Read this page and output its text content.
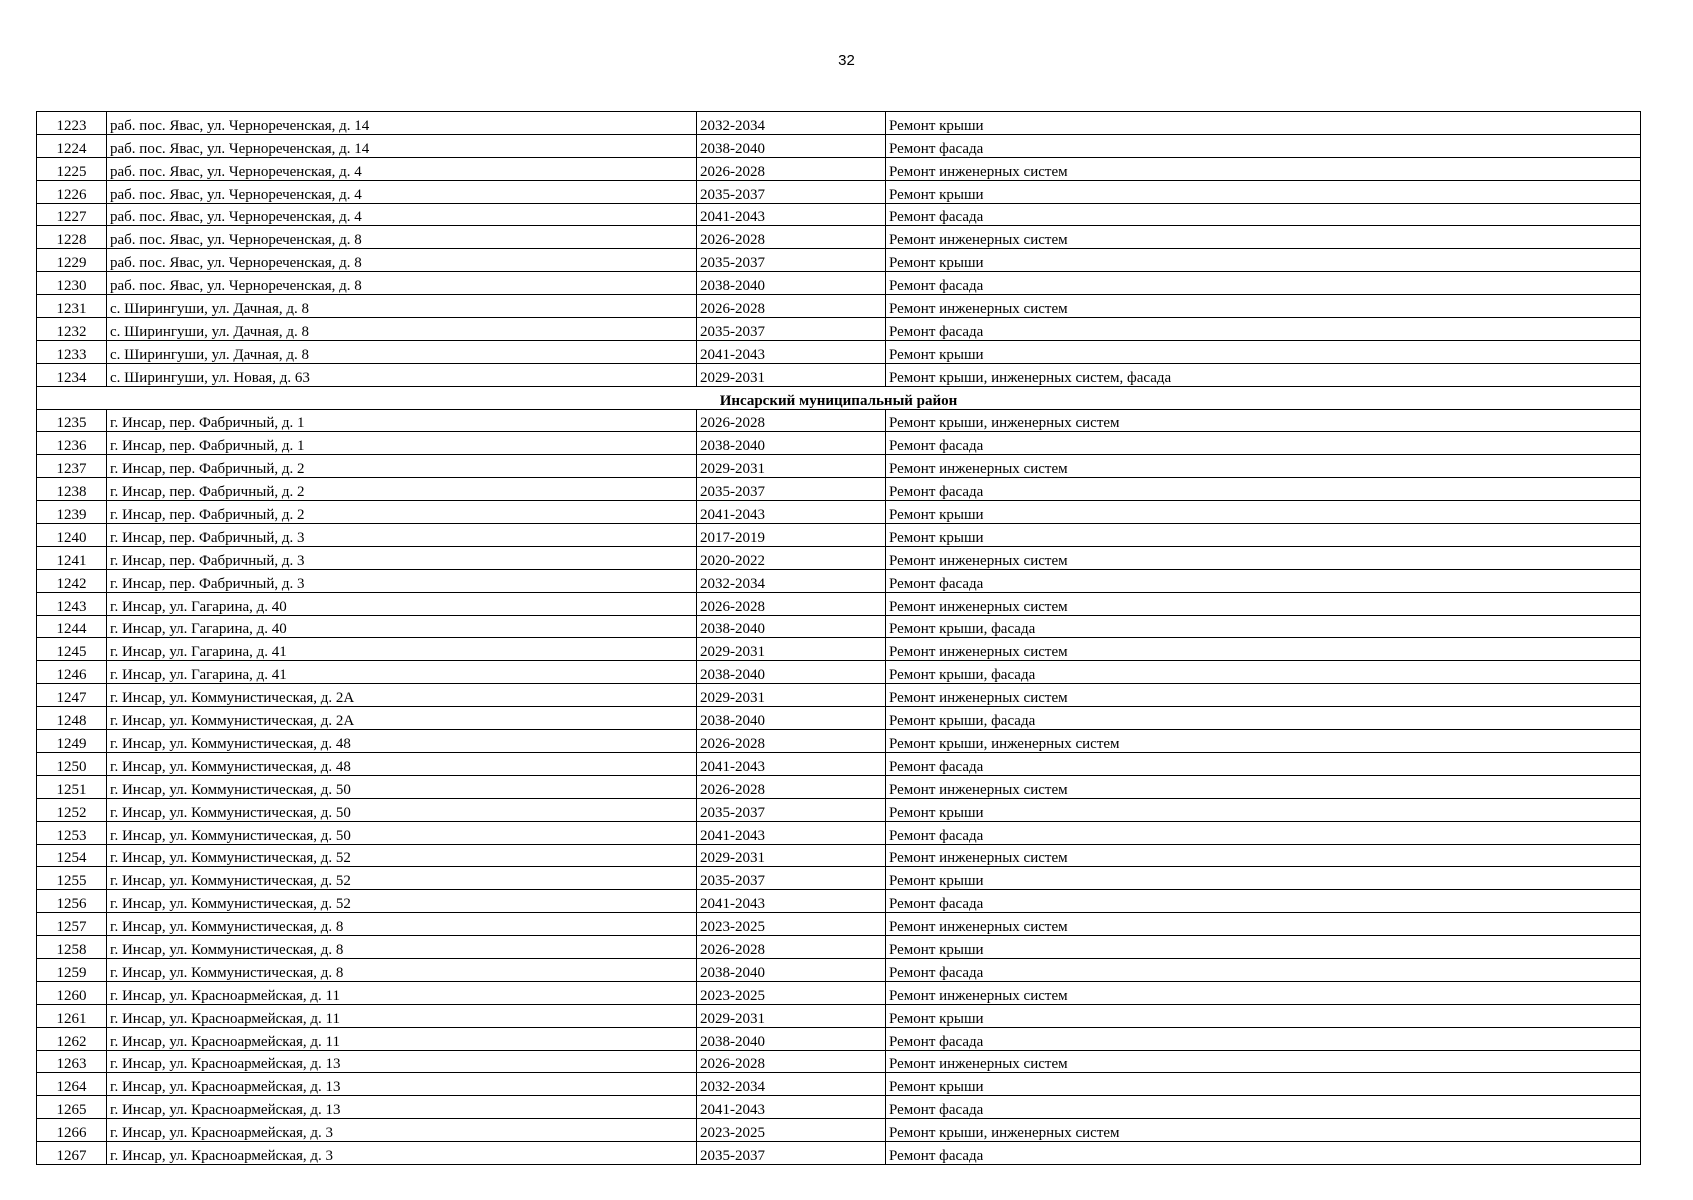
32
1223	раб. пос. Явас, ул. Чернореченская, д. 14	2032-2034	Ремонт крыши
1224	раб. пос. Явас, ул. Чернореченская, д. 14	2038-2040	Ремонт фасада
1225	раб. пос. Явас, ул. Чернореченская, д. 4	2026-2028	Ремонт инженерных систем
1226	раб. пос. Явас, ул. Чернореченская, д. 4	2035-2037	Ремонт крыши
1227	раб. пос. Явас, ул. Чернореченская, д. 4	2041-2043	Ремонт фасада
1228	раб. пос. Явас, ул. Чернореченская, д. 8	2026-2028	Ремонт инженерных систем
1229	раб. пос. Явас, ул. Чернореченская, д. 8	2035-2037	Ремонт крыши
1230	раб. пос. Явас, ул. Чернореченская, д. 8	2038-2040	Ремонт фасада
1231	с. Ширингуши, ул. Дачная, д. 8	2026-2028	Ремонт инженерных систем
1232	с. Ширингуши, ул. Дачная, д. 8	2035-2037	Ремонт фасада
1233	с. Ширингуши, ул. Дачная, д. 8	2041-2043	Ремонт крыши
1234	с. Ширингуши, ул. Новая, д. 63	2029-2031	Ремонт крыши, инженерных систем, фасада
Инсарский муниципальный район			
1235	г. Инсар, пер. Фабричный, д. 1	2026-2028	Ремонт крыши, инженерных систем
1236	г. Инсар, пер. Фабричный, д. 1	2038-2040	Ремонт фасада
1237	г. Инсар, пер. Фабричный, д. 2	2029-2031	Ремонт инженерных систем
1238	г. Инсар, пер. Фабричный, д. 2	2035-2037	Ремонт фасада
1239	г. Инсар, пер. Фабричный, д. 2	2041-2043	Ремонт крыши
1240	г. Инсар, пер. Фабричный, д. 3	2017-2019	Ремонт крыши
1241	г. Инсар, пер. Фабричный, д. 3	2020-2022	Ремонт инженерных систем
1242	г. Инсар, пер. Фабричный, д. 3	2032-2034	Ремонт фасада
1243	г. Инсар, ул. Гагарина, д. 40	2026-2028	Ремонт инженерных систем
1244	г. Инсар, ул. Гагарина, д. 40	2038-2040	Ремонт крыши, фасада
1245	г. Инсар, ул. Гагарина, д. 41	2029-2031	Ремонт инженерных систем
1246	г. Инсар, ул. Гагарина, д. 41	2038-2040	Ремонт крыши, фасада
1247	г. Инсар, ул. Коммунистическая, д. 2А	2029-2031	Ремонт инженерных систем
1248	г. Инсар, ул. Коммунистическая, д. 2А	2038-2040	Ремонт крыши, фасада
1249	г. Инсар, ул. Коммунистическая, д. 48	2026-2028	Ремонт крыши, инженерных систем
1250	г. Инсар, ул. Коммунистическая, д. 48	2041-2043	Ремонт фасада
1251	г. Инсар, ул. Коммунистическая, д. 50	2026-2028	Ремонт инженерных систем
1252	г. Инсар, ул. Коммунистическая, д. 50	2035-2037	Ремонт крыши
1253	г. Инсар, ул. Коммунистическая, д. 50	2041-2043	Ремонт фасада
1254	г. Инсар, ул. Коммунистическая, д. 52	2029-2031	Ремонт инженерных систем
1255	г. Инсар, ул. Коммунистическая, д. 52	2035-2037	Ремонт крыши
1256	г. Инсар, ул. Коммунистическая, д. 52	2041-2043	Ремонт фасада
1257	г. Инсар, ул. Коммунистическая, д. 8	2023-2025	Ремонт инженерных систем
1258	г. Инсар, ул. Коммунистическая, д. 8	2026-2028	Ремонт крыши
1259	г. Инсар, ул. Коммунистическая, д. 8	2038-2040	Ремонт фасада
1260	г. Инсар, ул. Красноармейская, д. 11	2023-2025	Ремонт инженерных систем
1261	г. Инсар, ул. Красноармейская, д. 11	2029-2031	Ремонт крыши
1262	г. Инсар, ул. Красноармейская, д. 11	2038-2040	Ремонт фасада
1263	г. Инсар, ул. Красноармейская, д. 13	2026-2028	Ремонт инженерных систем
1264	г. Инсар, ул. Красноармейская, д. 13	2032-2034	Ремонт крыши
1265	г. Инсар, ул. Красноармейская, д. 13	2041-2043	Ремонт фасада
1266	г. Инсар, ул. Красноармейская, д. 3	2023-2025	Ремонт крыши, инженерных систем
1267	г. Инсар, ул. Красноармейская, д. 3	2035-2037	Ремонт фасада
